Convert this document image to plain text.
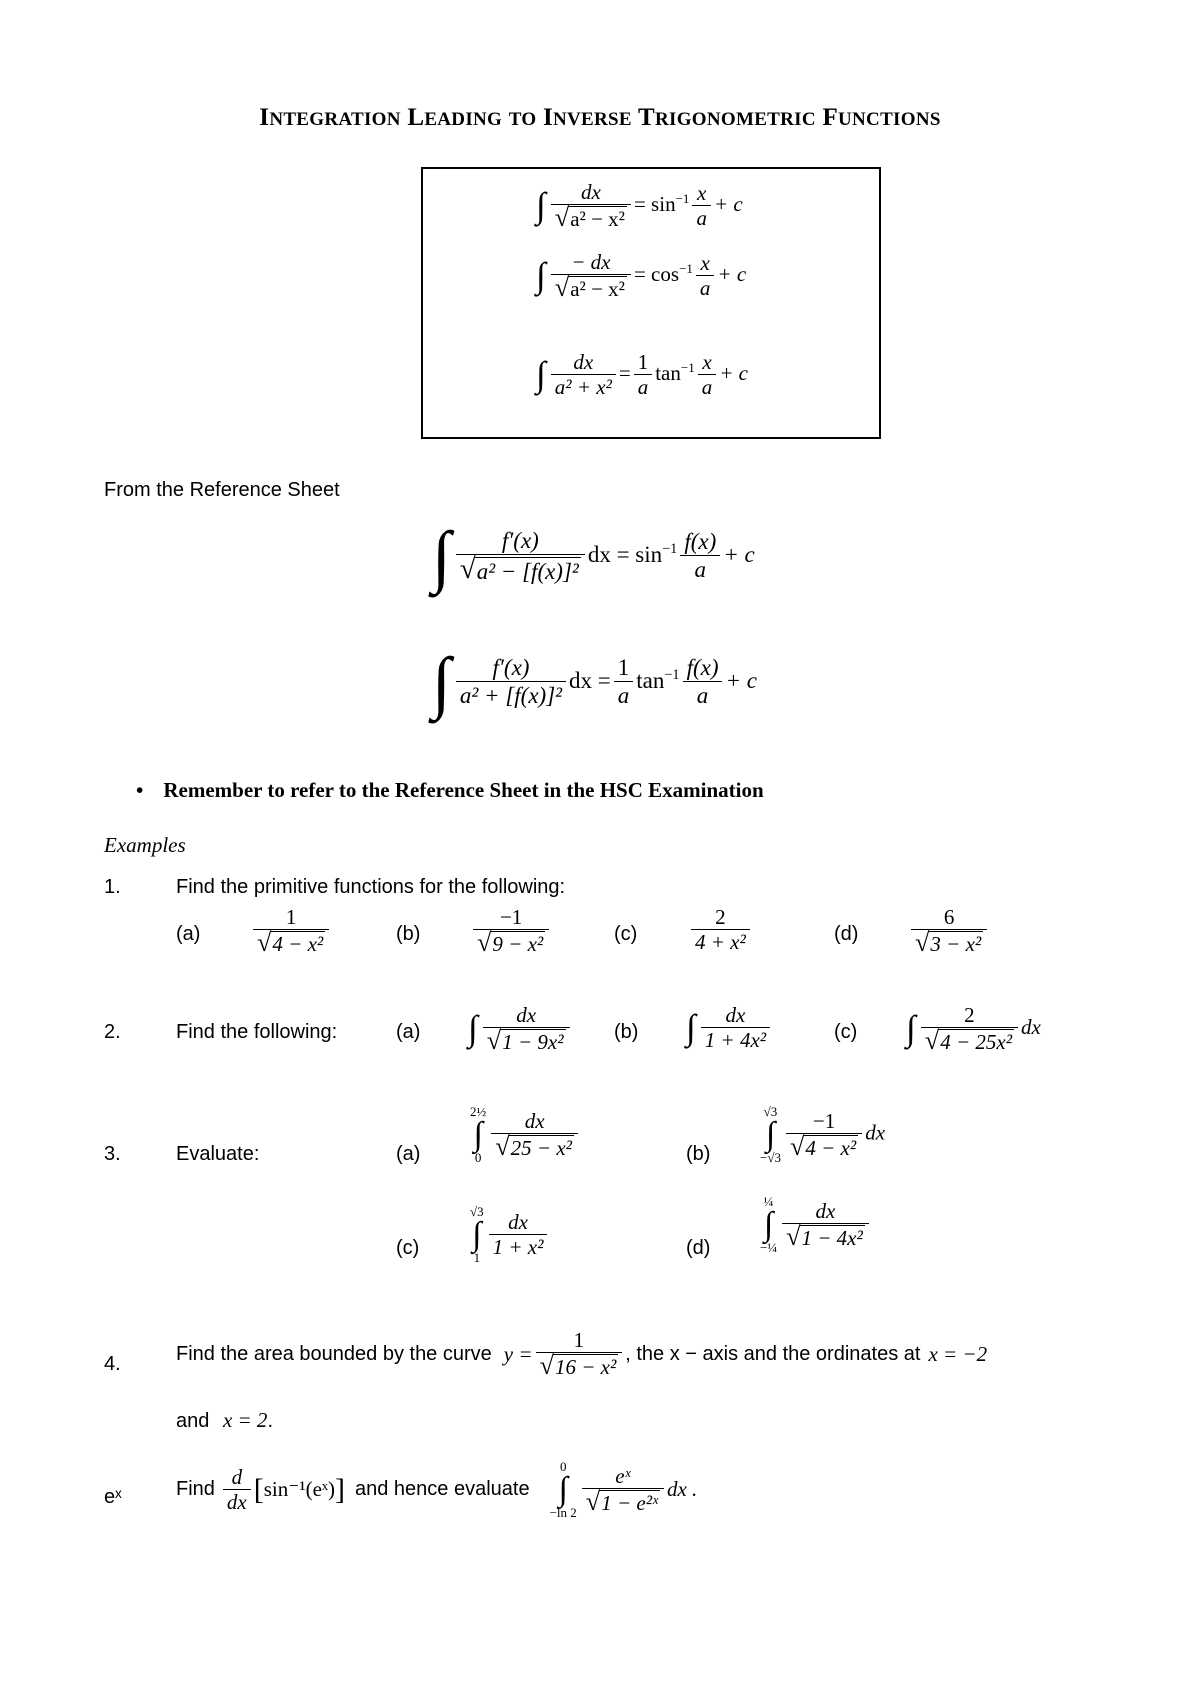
INTEGRATION LEADING TO INVERSE TRIGONOMETRIC FUNCTIONS
∫ $\frac{dx}{\text{√ a² − x²}} = \sin^{-1} \frac{x}{a} + c$
∫ $\frac{- dx}{\text{√ a² − x²}} = \cos^{-1} \frac{x}{a} + c$
∫ $\frac{dx}{\text{a² + x²}} = \frac{1}{a} \tan^{-1} \frac{x}{a} + c$
From the Reference Sheet
∫ $\frac{f'(x)}{\text{√ a² − [f(x)]²}}$ dx = $\sin^{-1} \frac{f(x)}{a} + c$
∫ $\frac{f'(x)}{\text{a² + [f(x)]²}}$ dx = $\frac{1}{a} \tan^{-1} \frac{f(x)}{a} + c$
• Remember to refer to the Reference Sheet in the HSC Examination
Examples
1.	Find the primitive functions for the following:
(a)	$\frac{1}{\text{√ 4 − x²}}$	(b)	$\frac{-1}{\text{√ 9 − x²}}$	(c)	$\frac{2}{\text{4 + x²}}$	(d)	$\frac{6}{\text{√ 3 − x²}}$
2.	Find the following:	(a) ∫ $\frac{dx}{\text{√ 1 − 9x²}} (b)$ ∫ $\frac{dx}{\text{1 + 4x²}}$	(c) ∫ $\frac{2}{\text{√ 4 − 25x²}}$ dx
3.	Evaluate:	(a)
2½
∫
$0 \frac{dx}{\text{√ 25 − x²}}$	(b)
√3
∫
$-√3 \frac{-1}{\text{√ 4 − x²}}$ dx
(c)
√3
∫
$1 \frac{dx}{\text{1 + x²}}$	(d)
¼
∫
−¼ $\frac{dx}{\text{√ 1 − 4x²}}$
4.	Find the area bounded by the curve $y = \frac{1}{\text{√ 16 − x²}}$ , the x − axis and the ordinates at x = −2
and x = 2.
eˣ	Find $\frac{d}{dx}$ [ sin⁻¹(eˣ) ] and hence evaluate
0
∫
−ln $2 \frac{\text{eˣ}}{\text{√ 1 − e²ˣ}}$ dx .
